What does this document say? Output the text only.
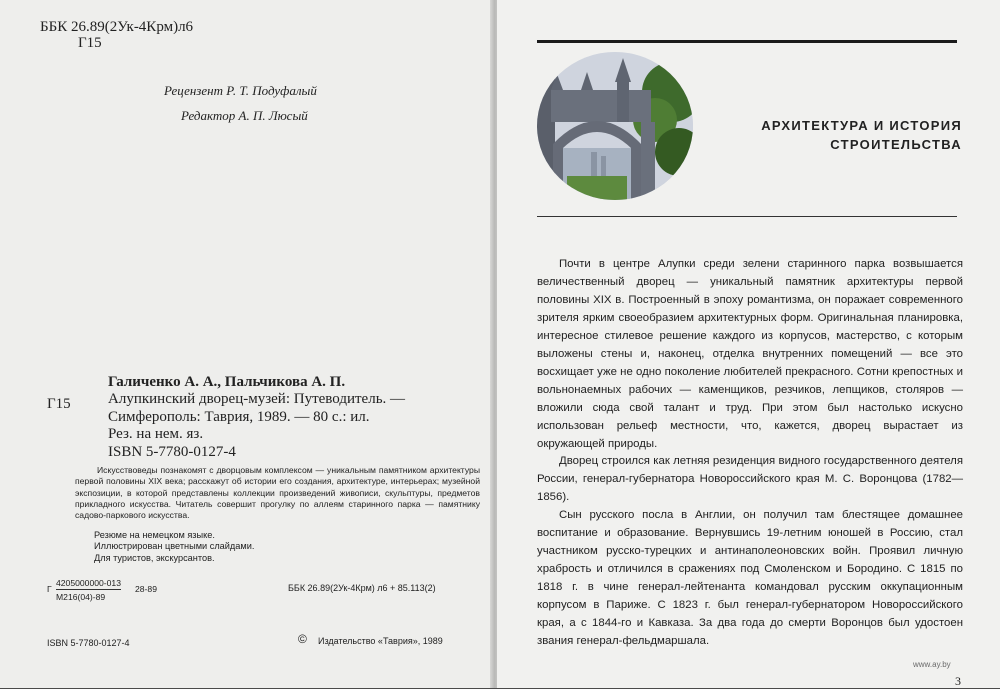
ББК 26.89(2Ук-4Крм)л6
Г15
Рецензент Р. Т. Подуфалый
Редактор А. П. Люсый
Г15
Галиченко А. А., Пальчикова А. П.
Алупкинский дворец-музей: Путеводитель. —
Симферополь: Таврия, 1989. — 80 с.: ил.
Рез. на нем. яз.
ISBN 5-7780-0127-4
Искусствоведы познакомят с дворцовым комплексом — уникальным памятником архитектуры первой половины XIX века; расскажут об истории его создания, архитектуре, интерьерах; музейной экспозиции, в которой представлены коллекции произведений живописи, скульптуры, предметов прикладного искусства. Читатель совершит прогулку по аллеям старинного парка — памятнику садово-паркового искусства.
Резюме на немецком языке.
Иллюстрирован цветными слайдами.
Для туристов, экскурсантов.
Г
4205000000-013
М216(04)-89
28-89	ББК 26.89(2Ук-4Крм) л6 + 85.113(2)
ISBN 5-7780-0127-4	© Издательство «Таврия», 1989
АРХИТЕКТУРА И ИСТОРИЯ
СТРОИТЕЛЬСТВА

Почти в центре Алупки среди зелени старинного парка возвышается величественный дворец — уникальный памятник архитектуры первой половины XIX в. Построенный в эпоху романтизма, он поражает современного зрителя ярким своеобразием архитектурных форм. Оригинальная планировка, интересное стилевое решение каждого из корпусов, мастерство, с которым выложены стены и, наконец, отделка внутренних помещений — все это восхищает уже не одно поколение любителей прекрасного. Сотни крепостных и вольнонаемных рабочих — каменщиков, резчиков, лепщиков, столяров — вложили сюда свой талант и труд. При этом был настолько искусно использован рельеф местности, что, кажется, дворец вырастает из окружающей природы.

Дворец строился как летняя резиденция видного государственного деятеля России, генерал-губернатора Новороссийского края М. С. Воронцова (1782—1856).

Сын русского посла в Англии, он получил там блестящее домашнее воспитание и образование. Вернувшись 19-летним юношей в Россию, стал участником русско-турецких и антинаполеоновских войн. Проявил личную храбрость и отличился в сражениях под Смоленском и Бородино. С 1815 по 1818 г. в чине генерал-лейтенанта командовал русским оккупационным корпусом в Париже. С 1823 г. был генерал-губернатором Новороссийского края, а с 1844-го и Кавказа. За два года до смерти Воронцов был удостоен звания генерал-фельдмаршала.

www.ay.by
3
